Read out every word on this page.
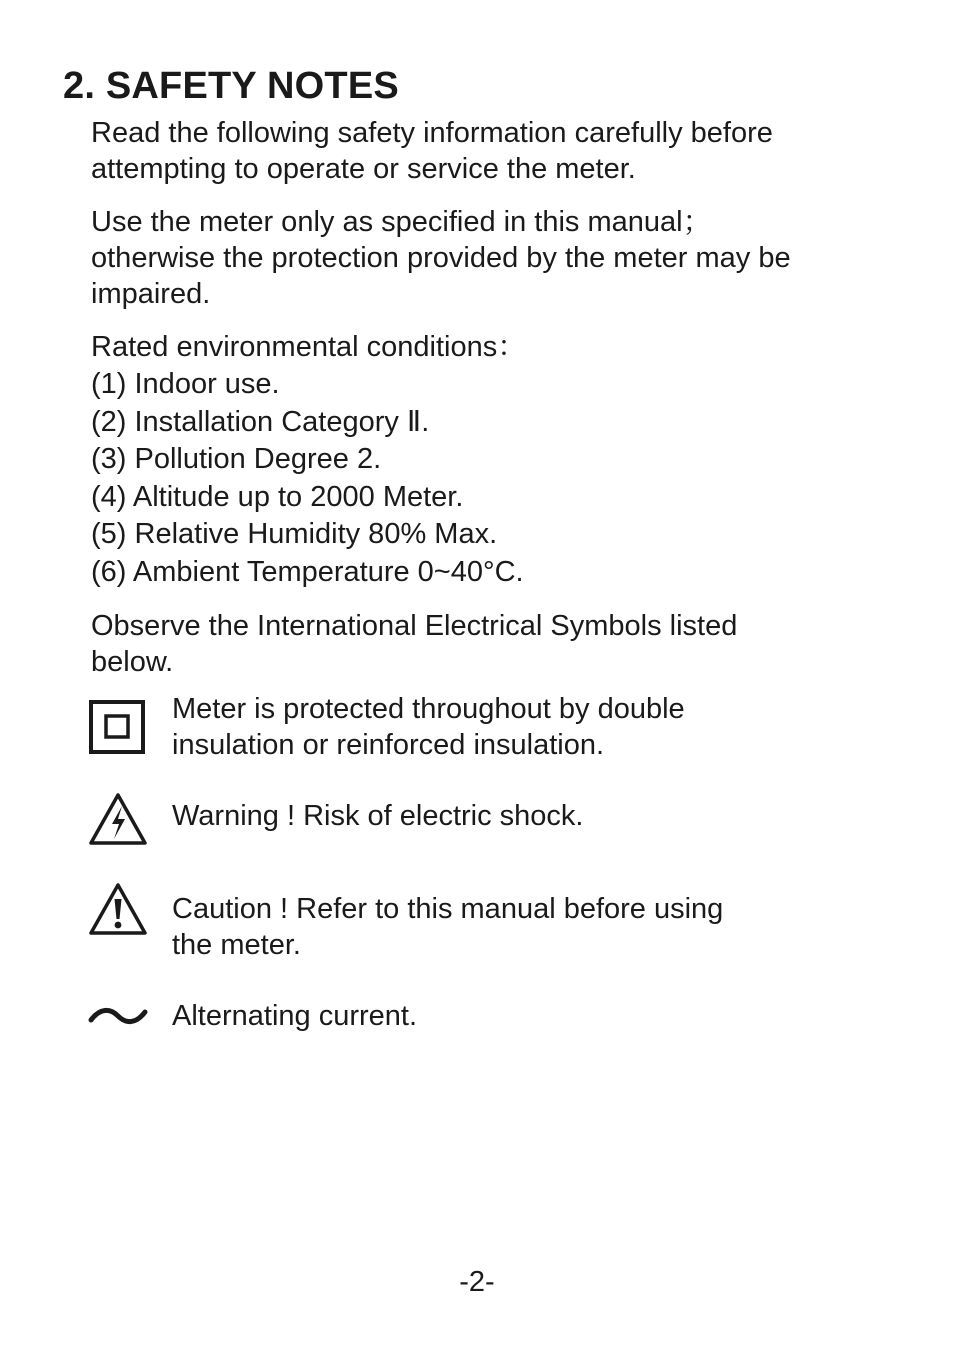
2. SAFETY NOTES

Read the following safety information carefully before
attempting to operate or service the meter.

Use the meter only as specified in this manual；
otherwise the protection provided by the meter may be
impaired.

Rated environmental conditions：

(1) Indoor use.
(2) Installation Category Ⅱ.
(3) Pollution Degree 2.
(4) Altitude up to 2000 Meter.
(5) Relative Humidity 80% Max.
(6) Ambient Temperature 0~40°C.

Observe the International Electrical Symbols listed
below.

Meter is protected throughout by double
insulation or reinforced insulation.

Warning ! Risk of electric shock.

Caution ! Refer to this manual before using
the meter.

Alternating current.

-2-
